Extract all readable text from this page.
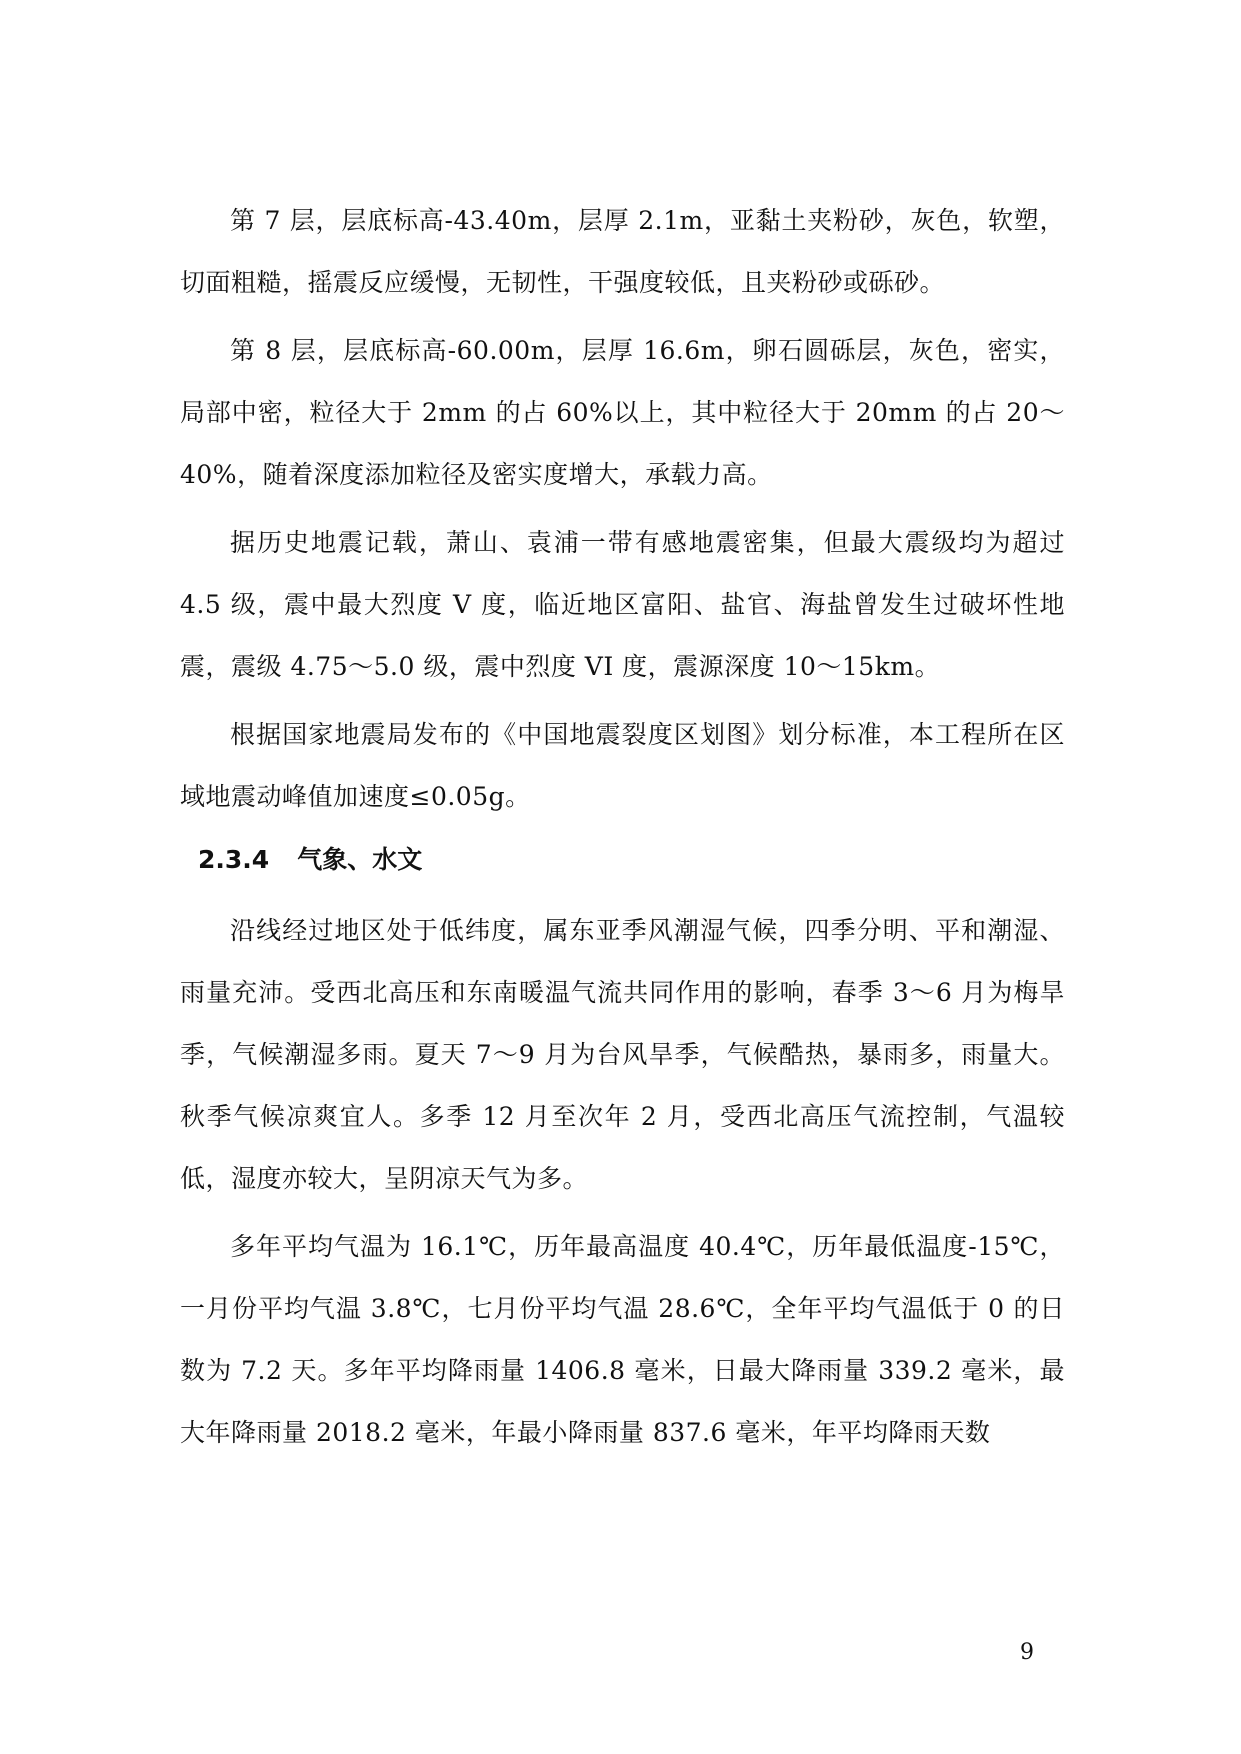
第 7 层，层底标高-43.40m，层厚 2.1m，亚黏土夹粉砂，灰色，软塑，切面粗糙，摇震反应缓慢，无韧性，干强度较低，且夹粉砂或砾砂。

第 8 层，层底标高-60.00m，层厚 16.6m，卵石圆砾层，灰色，密实，局部中密，粒径大于 2mm 的占 60%以上，其中粒径大于 20mm 的占 20～40%，随着深度添加粒径及密实度增大，承载力高。

据历史地震记载，萧山、袁浦一带有感地震密集，但最大震级均为超过 4.5 级，震中最大烈度 V 度，临近地区富阳、盐官、海盐曾发生过破坏性地震，震级 4.75～5.0 级，震中烈度 VI 度，震源深度 10～15km。

根据国家地震局发布的《中国地震裂度区划图》划分标准，本工程所在区域地震动峰值加速度≤0.05g。

2.3.4 气象、水文

沿线经过地区处于低纬度，属东亚季风潮湿气候，四季分明、平和潮湿、雨量充沛。受西北高压和东南暖温气流共同作用的影响，春季 3～6 月为梅旱季，气候潮湿多雨。夏天 7～9 月为台风旱季，气候酷热，暴雨多，雨量大。秋季气候凉爽宜人。多季 12 月至次年 2 月，受西北高压气流控制，气温较低，湿度亦较大，呈阴凉天气为多。

多年平均气温为 16.1℃，历年最高温度 40.4℃，历年最低温度-15℃，一月份平均气温 3.8℃，七月份平均气温 28.6℃，全年平均气温低于 0 的日数为 7.2 天。多年平均降雨量 1406.8 毫米，日最大降雨量 339.2 毫米，最大年降雨量 2018.2 毫米，年最小降雨量 837.6 毫米，年平均降雨天数

9
